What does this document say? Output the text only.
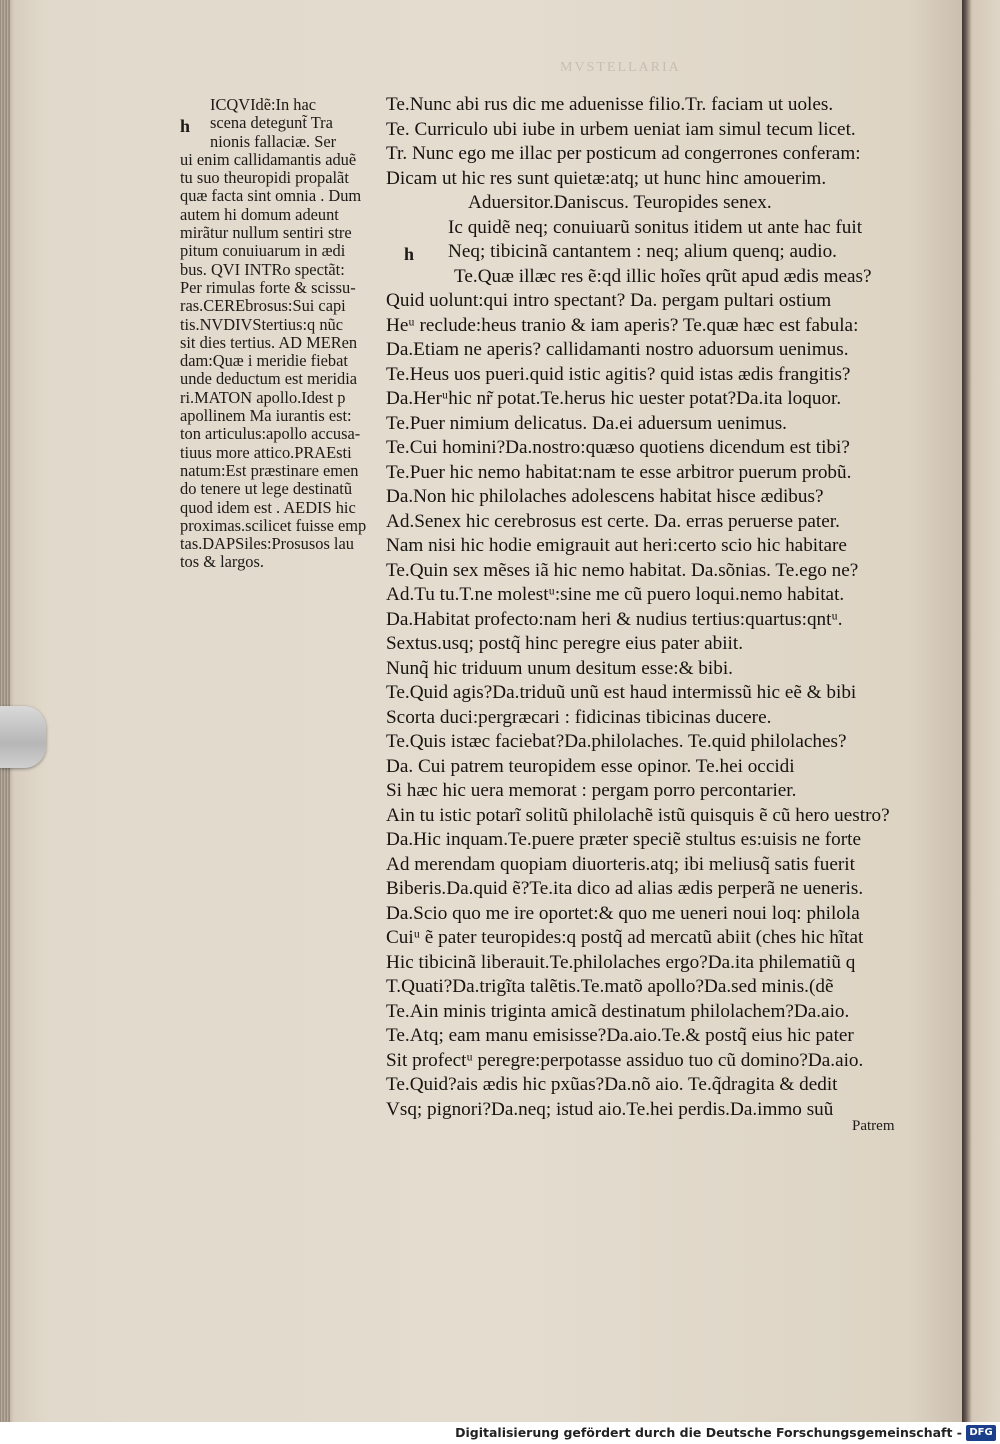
MVSTELLARIA
h
h
ICQVIdẽ:In hac
scena detegunt̃ Tra
nionis fallaciæ. Ser
ui enim callidamantis aduẽ
tu suo theuropidi propalãt
quæ facta sint omnia . Dum
autem hi domum adeunt
mirãtur nullum sentiri stre
pitum conuiuarum in ædi
bus. QVI INTRo spectãt:
Per rimulas forte & scissu-
ras.CEREbrosus:Sui capi
tis.NVDIVStertius:q nũc
sit dies tertius. AD MERen
dam:Quæ i meridie fiebat
unde deductum est meridia
ri.MATON apollo.Idest p
apollinem Ma iurantis est:
ton articulus:apollo accusa-
tiuus more attico.PRAEsti
natum:Est præstinare emen
do tenere ut lege destinatũ
quod idem est . AEDIS hic
proximas.scilicet fuisse emp
tas.DAPSiles:Prosusos lau
tos & largos.
Te.Nunc abi rus dic me aduenisse filio.Tr. faciam ut uoles.
Te. Curriculo ubi iube in urbem ueniat iam simul tecum licet.
Tr. Nunc ego me illac per posticum ad congerrones conferam:
Dicam ut hic res sunt quietæ:atq; ut hunc hinc amouerim.
Aduersitor.Daniscus. Teuropides senex.
Ic quidẽ neq; conuiuarũ sonitus itidem ut ante hac fuit
Neq; tibicinã cantantem : neq; alium quenq; audio.
Te.Quæ illæc res ẽ:qd illic hoĩes qrũt apud ædis meas?
Quid uolunt:qui intro spectant? Da. pergam pultari ostium
Heᵘ reclude:heus tranio & iam aperis? Te.quæ hæc est fabula:
Da.Etiam ne aperis? callidamanti nostro aduorsum uenimus.
Te.Heus uos pueri.quid istic agitis? quid istas ædis frangitis?
Da.Herᵘhic nr̃ potat.Te.herus hic uester potat?Da.ita loquor.
Te.Puer nimium delicatus. Da.ei aduersum uenimus.
Te.Cui homini?Da.nostro:quæso quotiens dicendum est tibi?
Te.Puer hic nemo habitat:nam te esse arbitror puerum probũ.
Da.Non hic philolaches adolescens habitat hisce ædibus?
Ad.Senex hic cerebrosus est certe. Da. erras peruerse pater.
Nam nisi hic hodie emigrauit aut heri:certo scio hic habitare
Te.Quin sex mẽses iã hic nemo habitat. Da.sõnias. Te.ego ne?
Ad.Tu tu.T.ne molestᵘ:sine me cũ puero loqui.nemo habitat.
Da.Habitat profecto:nam heri & nudius tertius:quartus:qntᵘ.
Sextus.usq; postq̃ hinc peregre eius pater abiit.
Nunq̃ hic triduum unum desitum esse:& bibi.
Te.Quid agis?Da.triduũ unũ est haud intermissũ hic eẽ & bibi
Scorta duci:pergræcari : fidicinas tibicinas ducere.
Te.Quis istæc faciebat?Da.philolaches. Te.quid philolaches?
Da. Cui patrem teuropidem esse opinor. Te.hei occidi
Si hæc hic uera memorat : pergam porro percontarier.
Ain tu istic potarĩ solitũ philolachẽ istũ quisquis ẽ cũ hero uestro?
Da.Hic inquam.Te.puere præter speciẽ stultus es:uisis ne forte
Ad merendam quopiam diuorteris.atq; ibi meliusq̃ satis fuerit
Biberis.Da.quid ẽ?Te.ita dico ad alias ædis perperã ne ueneris.
Da.Scio quo me ire oportet:& quo me ueneri noui loq: philola
Cuiᵘ ẽ pater teuropides:q postq̃ ad mercatũ abiit (ches hic hĩtat
Hic tibicinã liberauit.Te.philolaches ergo?Da.ita philematiũ q
T.Quati?Da.trigĩta talẽtis.Te.matõ apollo?Da.sed minis.(dẽ
Te.Ain minis triginta amicã destinatum philolachem?Da.aio.
Te.Atq; eam manu emisisse?Da.aio.Te.& postq̃ eius hic pater
Sit profectᵘ peregre:perpotasse assiduo tuo cũ domino?Da.aio.
Te.Quid?ais ædis hic pxũas?Da.nõ aio. Te.q̃dragita & dedit
Vsq; pignori?Da.neq; istud aio.Te.hei perdis.Da.immo suũ
Patrem
Digitalisierung gefördert durch die Deutsche Forschungsgemeinschaft - DFG
